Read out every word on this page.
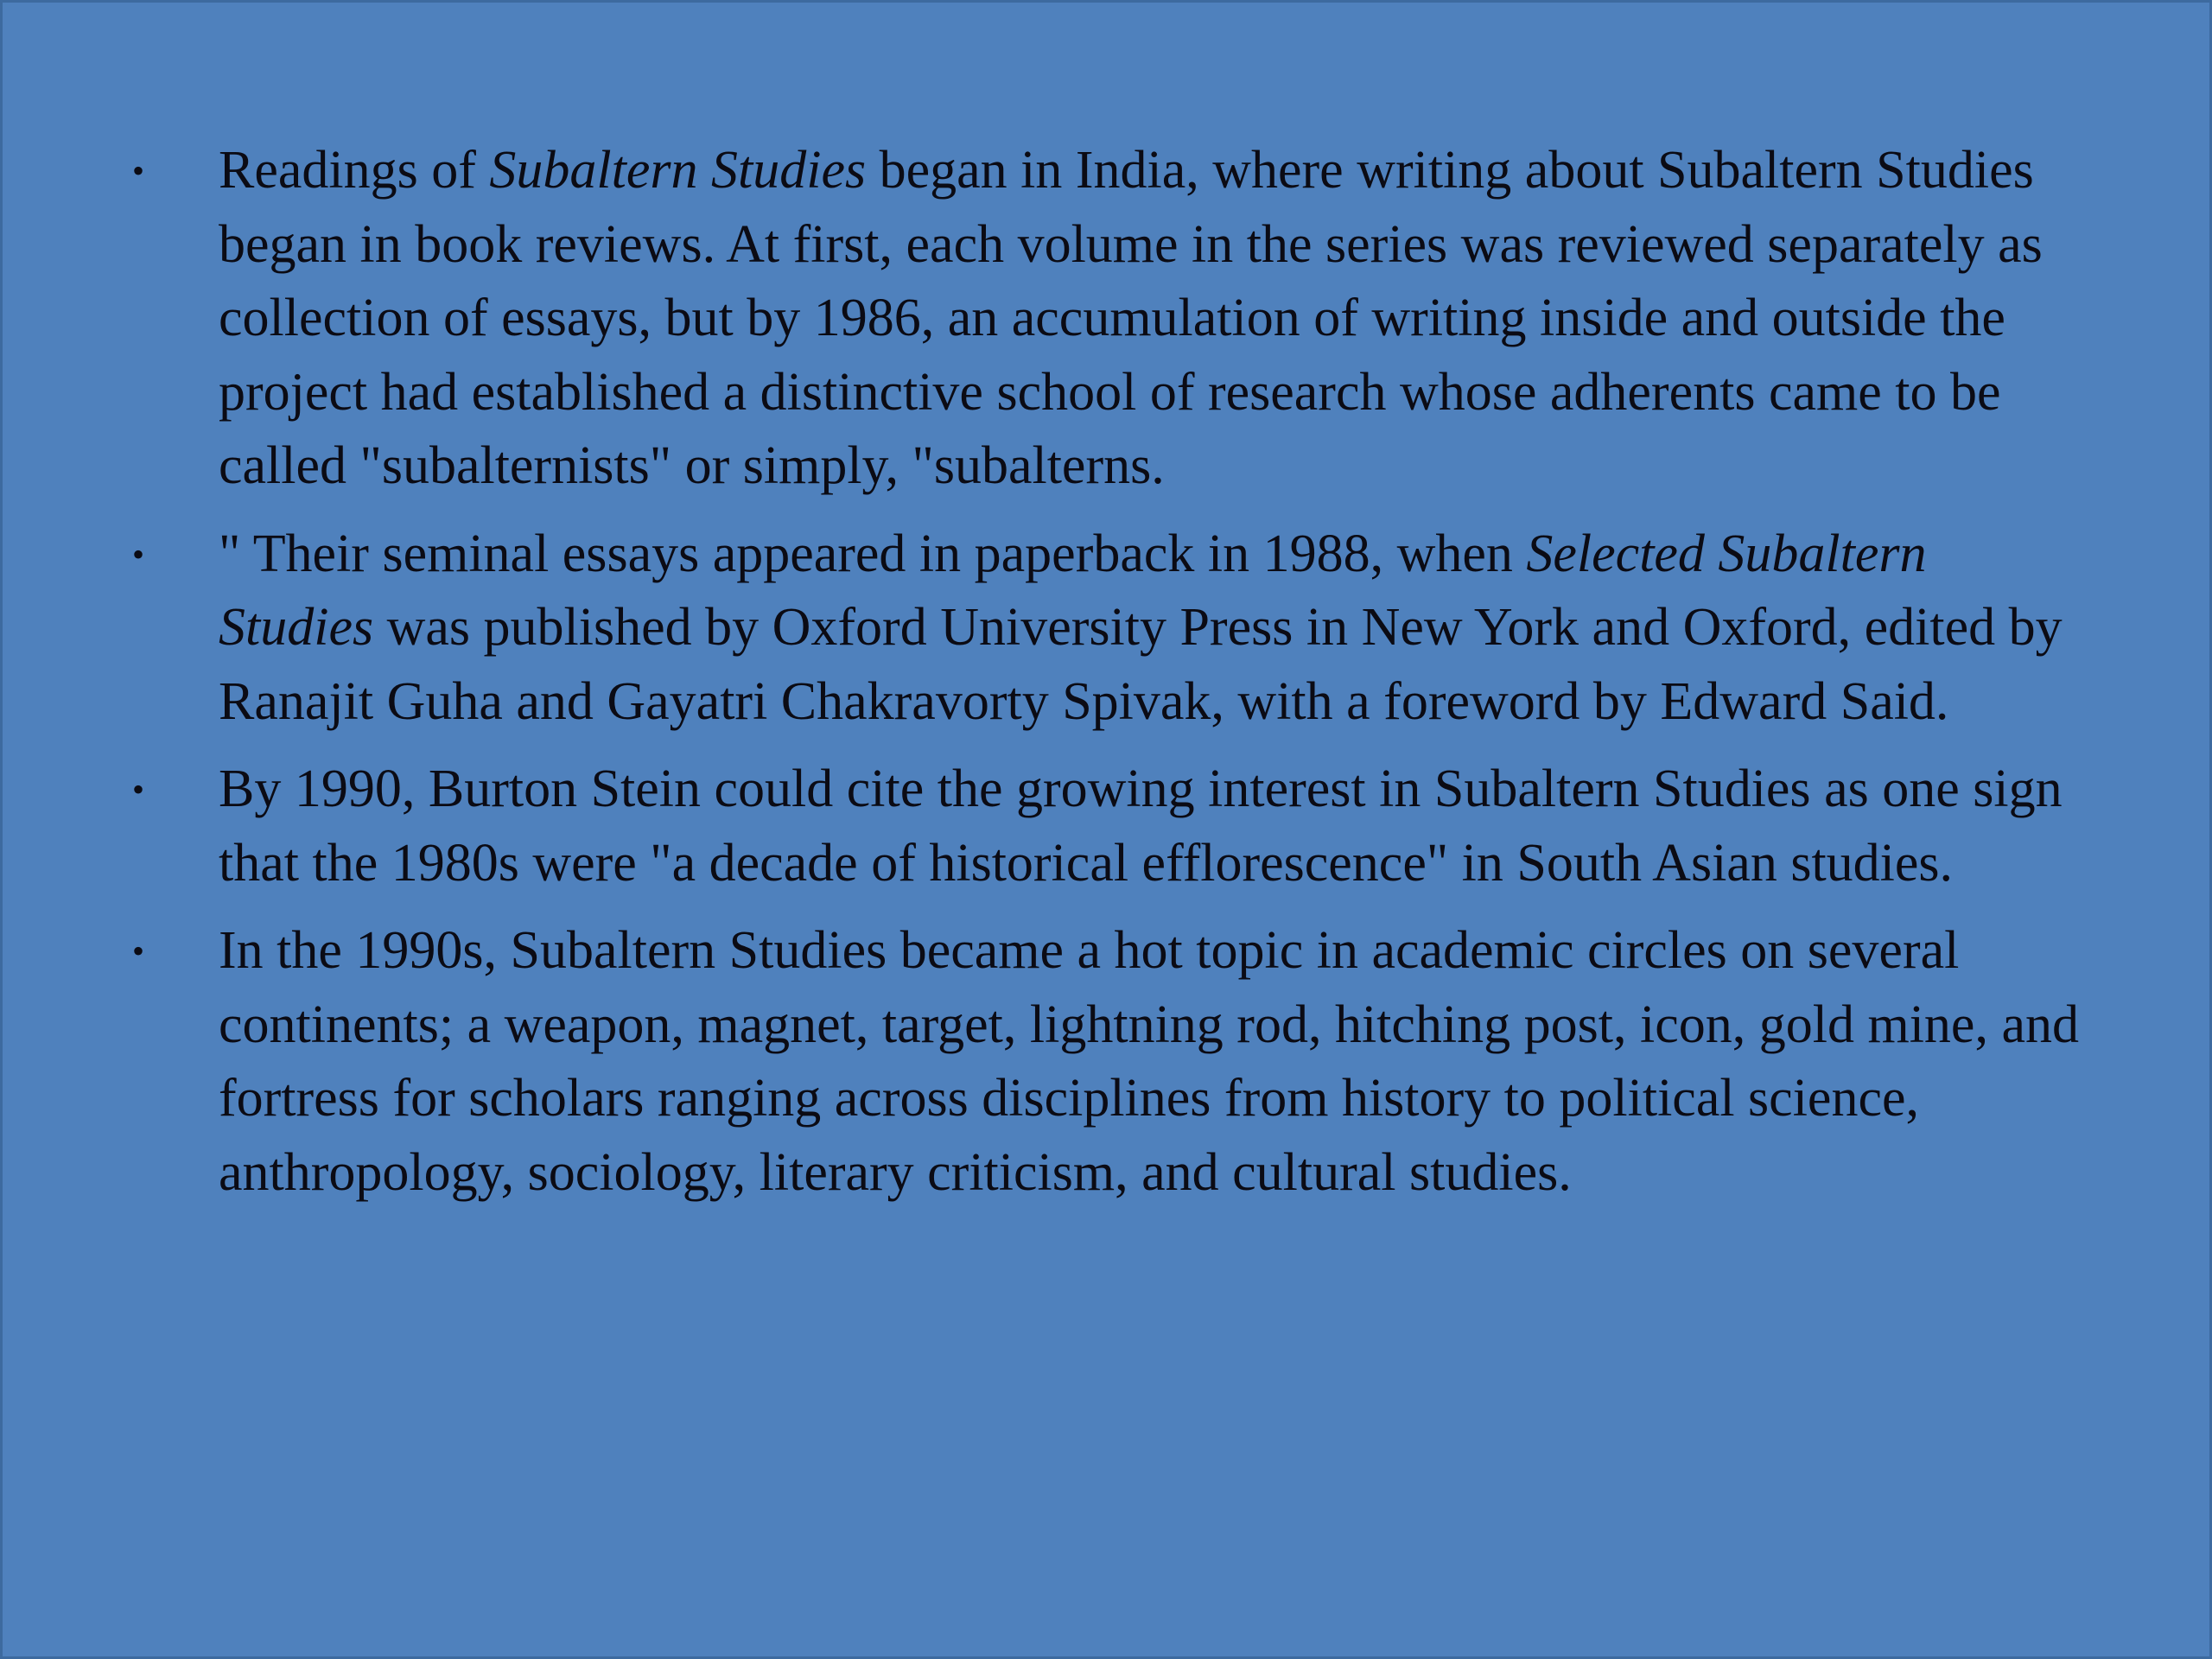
•	Readings of Subaltern Studies began in India, where writing about Subaltern Studies began in book reviews. At first, each volume in the series was reviewed separately as collection of essays, but by 1986, an accumulation of writing inside and outside the project had established a distinctive school of research whose adherents came to be called "subalternists" or simply, "subalterns.
•	" Their seminal essays appeared in paperback in 1988, when Selected Subaltern Studies was published by Oxford University Press in New York and Oxford, edited by Ranajit Guha and Gayatri Chakravorty Spivak, with a foreword by Edward Said.
•	By 1990, Burton Stein could cite the growing interest in Subaltern Studies as one sign that the 1980s were "a decade of historical efflorescence" in South Asian studies.
•	In the 1990s, Subaltern Studies became a hot topic in academic circles on several continents; a weapon, magnet, target, lightning rod, hitching post, icon, gold mine, and fortress for scholars ranging across disciplines from history to political science, anthropology, sociology, literary criticism, and cultural studies.
